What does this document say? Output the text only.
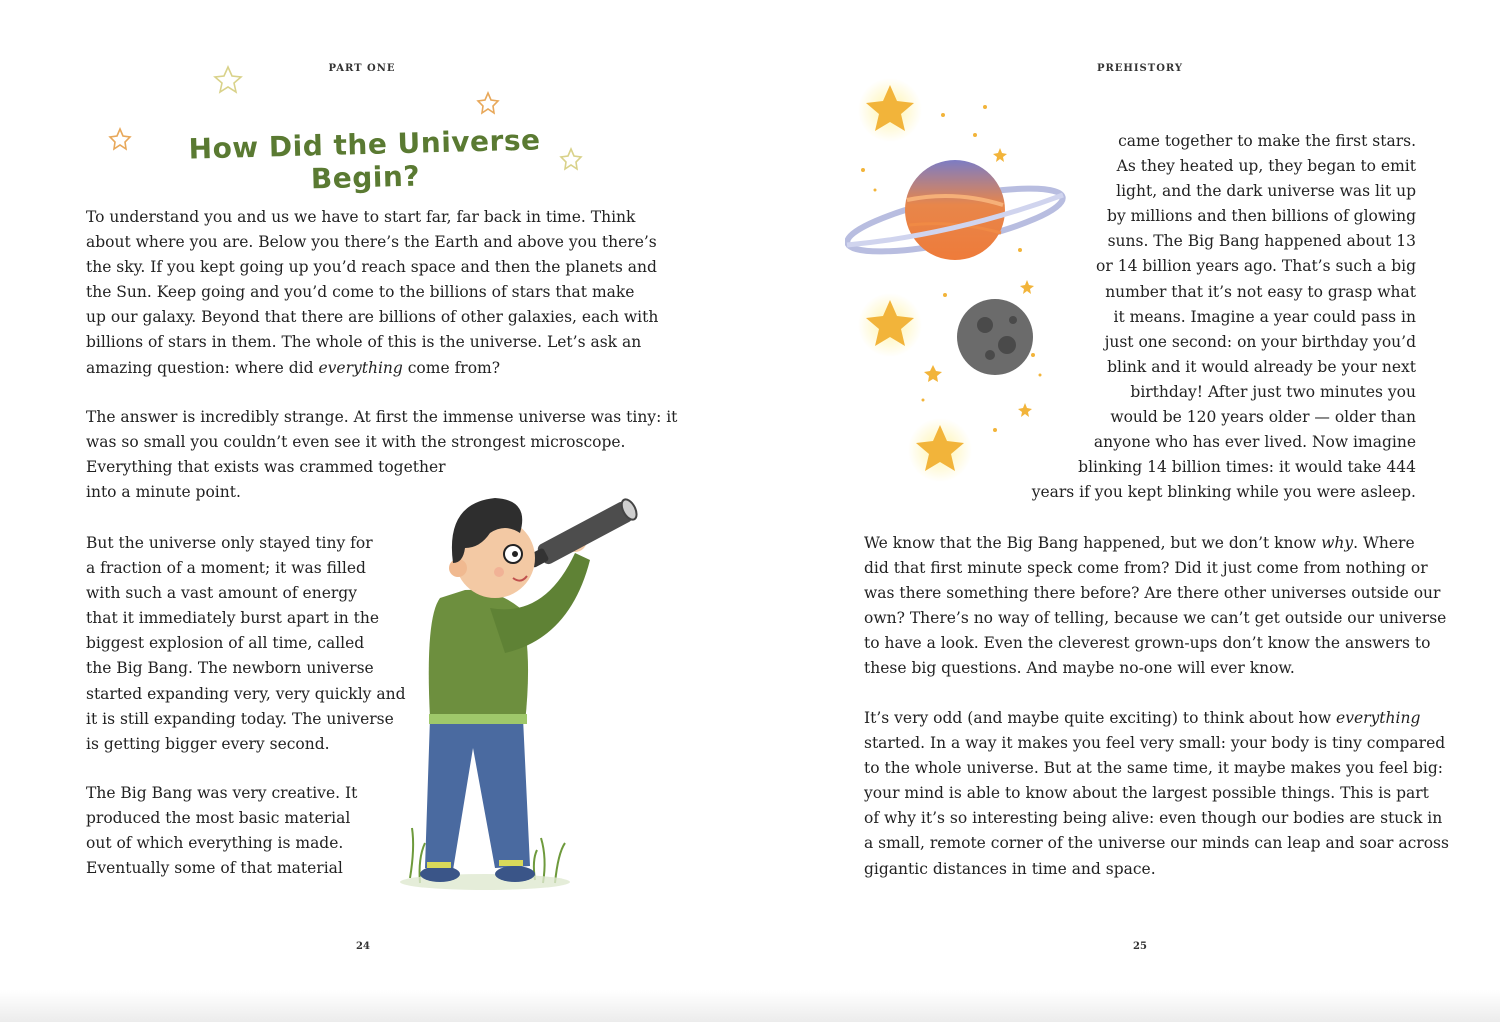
PART ONE
How Did the Universe Begin?

To understand you and us we have to start far, far back in time. Think
about where you are. Below you there’s the Earth and above you there’s
the sky. If you kept going up you’d reach space and then the planets and
the Sun. Keep going and you’d come to the billions of stars that make
up our galaxy. Beyond that there are billions of other galaxies, each with
billions of stars in them. The whole of this is the universe. Let’s ask an
amazing question: where did everything come from?

The answer is incredibly strange. At first the immense universe was tiny: it
was so small you couldn’t even see it with the strongest microscope.
Everything that exists was crammed together
into a minute point.

But the universe only stayed tiny for
a fraction of a moment; it was filled
with such a vast amount of energy
that it immediately burst apart in the
biggest explosion of all time, called
the Big Bang. The newborn universe
started expanding very, very quickly and
it is still expanding today. The universe
is getting bigger every second.

The Big Bang was very creative. It
produced the most basic material
out of which everything is made.
Eventually some of that material

24
PREHISTORY

came together to make the first stars.
As they heated up, they began to emit
light, and the dark universe was lit up
by millions and then billions of glowing
suns. The Big Bang happened about 13
or 14 billion years ago. That’s such a big
number that it’s not easy to grasp what
it means. Imagine a year could pass in
just one second: on your birthday you’d
blink and it would already be your next
birthday! After just two minutes you
would be 120 years older — older than
anyone who has ever lived. Now imagine
blinking 14 billion times: it would take 444
years if you kept blinking while you were asleep.

We know that the Big Bang happened, but we don’t know why. Where
did that first minute speck come from? Did it just come from nothing or
was there something there before? Are there other universes outside our
own? There’s no way of telling, because we can’t get outside our universe
to have a look. Even the cleverest grown-ups don’t know the answers to
these big questions. And maybe no-one will ever know.

It’s very odd (and maybe quite exciting) to think about how everything
started. In a way it makes you feel very small: your body is tiny compared
to the whole universe. But at the same time, it maybe makes you feel big:
your mind is able to know about the largest possible things. This is part
of why it’s so interesting being alive: even though our bodies are stuck in
a small, remote corner of the universe our minds can leap and soar across
gigantic distances in time and space.

25
